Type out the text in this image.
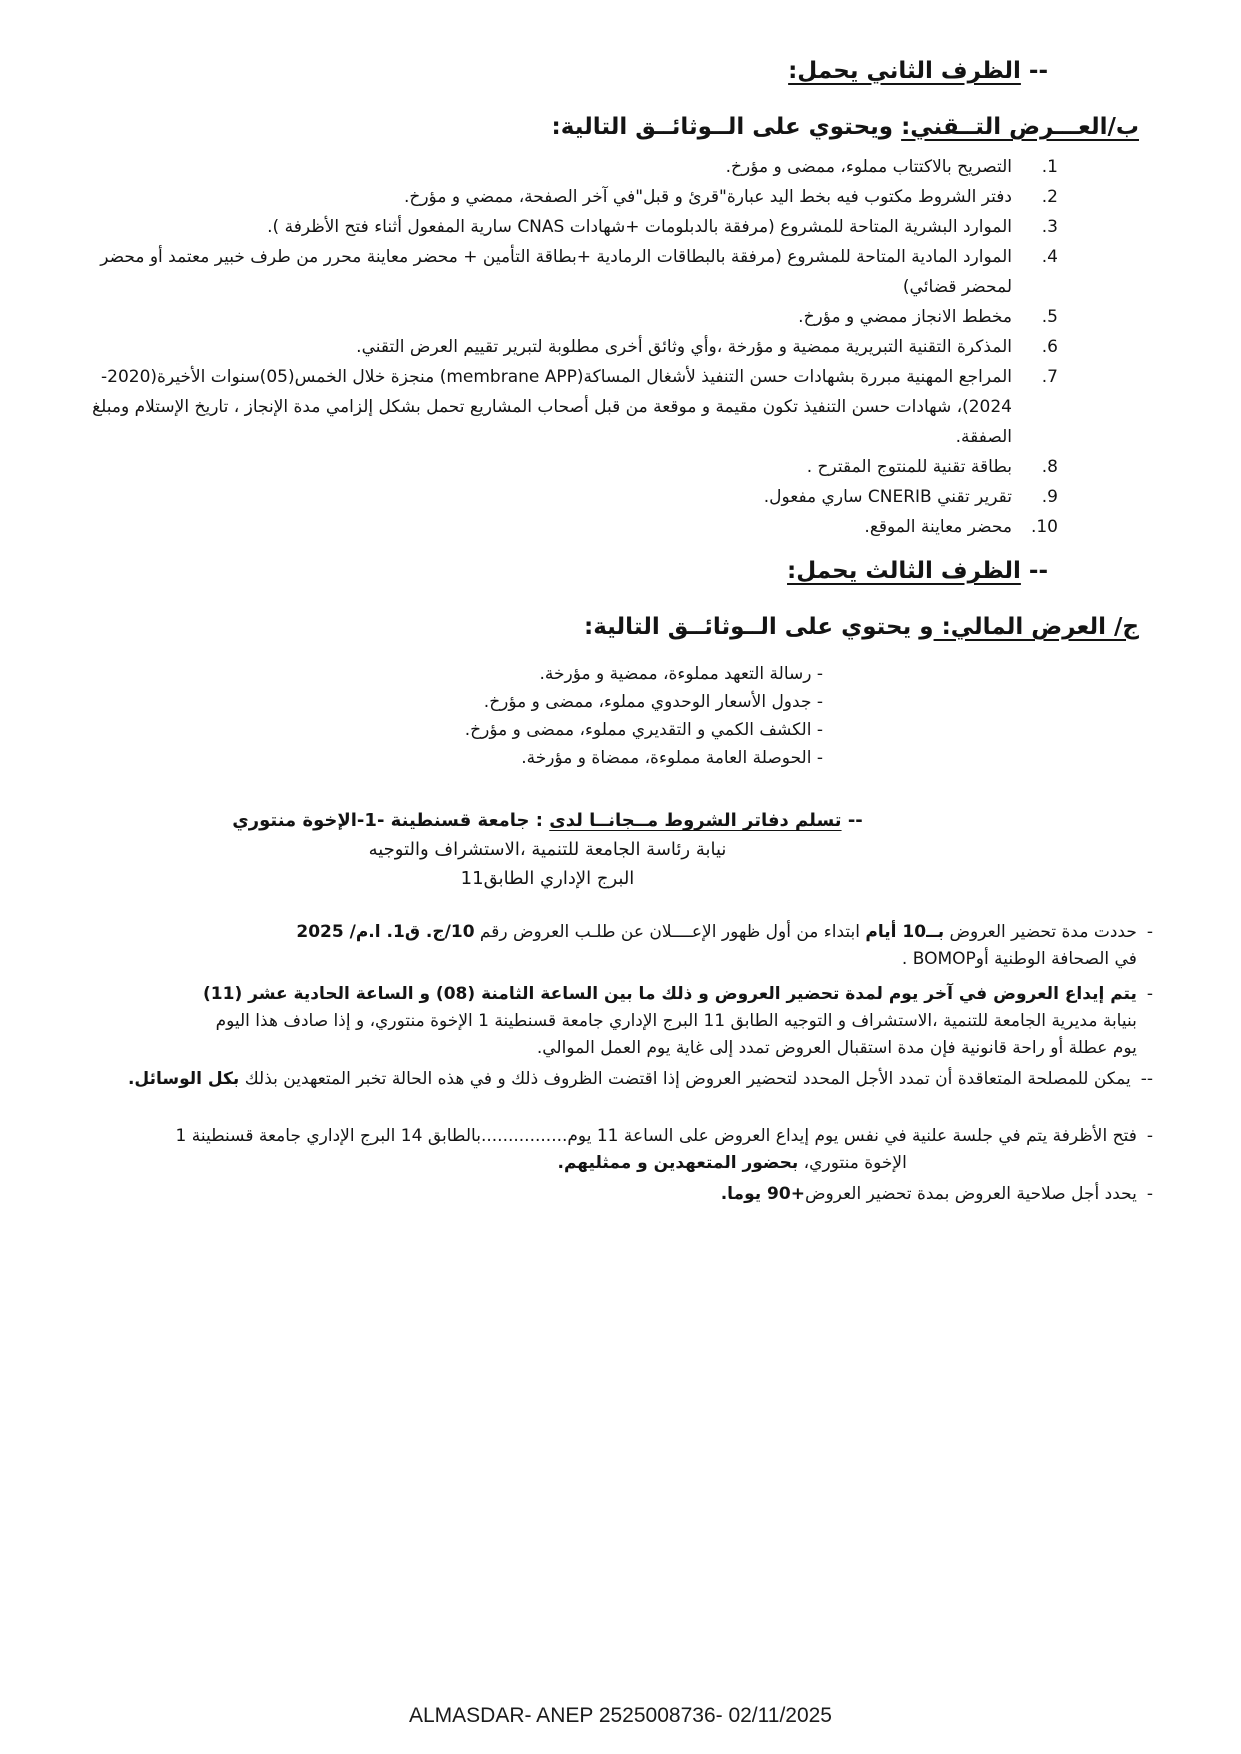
-- الظرف الثاني يحمل:
ب/العـــرض التــقني: ويحتوي على الــوثائــق التالية:
1.
التصريح بالاكتتاب مملوء، ممضى و مؤرخ.
2.
دفتر الشروط مكتوب فيه بخط اليد عبارة"قرئ و قبل"في آخر الصفحة، ممضي و مؤرخ.
3.
الموارد البشرية المتاحة للمشروع (مرفقة بالدبلومات +شهادات CNAS سارية المفعول أثناء فتح الأظرفة ).
4.
الموارد المادية المتاحة للمشروع (مرفقة بالبطاقات الرمادية +بطاقة التأمين + محضر معاينة محرر من طرف خبير معتمد أو محضر لمحضر قضائي)
5.
مخطط الانجاز ممضي و مؤرخ.
6.
المذكرة التقنية التبريرية ممضية و مؤرخة ،وأي وثائق أخرى مطلوبة لتبرير تقييم العرض التقني.
7.
المراجع المهنية مبررة بشهادات حسن التنفيذ لأشغال المساكة(membrane APP) منجزة خلال الخمس(05)سنوات الأخيرة(2020-2024)، شهادات حسن التنفيذ تكون مقيمة و موقعة من قبل أصحاب المشاريع تحمل بشكل إلزامي مدة الإنجاز ، تاريخ الإستلام ومبلغ الصفقة.
8.
بطاقة تقنية للمنتوج المقترح .
9.
تقرير تقني CNERIB ساري مفعول.
10.
محضر معاينة الموقع.
-- الظرف الثالث يحمل:
ج/ العرض المالي: و يحتوي على الــوثائــق التالية:
- رسالة التعهد مملوءة، ممضية و مؤرخة.
- جدول الأسعار الوحدوي مملوء، ممضى و مؤرخ.
- الكشف الكمي و التقديري مملوء، ممضى و مؤرخ.
- الحوصلة العامة مملوءة، ممضاة و مؤرخة.
-- تسلم دفاتر الشروط مــجانــا لدى : جامعة قسنطينة -1-الإخوة منتوري
نيابة رئاسة الجامعة للتنمية ،الاستشراف والتوجيه
البرج الإداري الطابق11
-
حددت مدة تحضير العروض بــ10 أيام ابتداء من أول ظهور الإعــــلان عن طلـب العروض رقم 10/ج. ق1. ا.م/ 2025
في الصحافة الوطنية أوBOMOP .
-
يتم إيداع العروض في آخر يوم لمدة تحضير العروض و ذلك ما بين الساعة الثامنة (08) و الساعة الحادية عشر (11)
بنيابة مديرية الجامعة للتنمية ،الاستشراف و التوجيه الطابق 11 البرج الإداري جامعة قسنطينة 1 الإخوة منتوري، و إذا صادف هذا اليوم
يوم عطلة أو راحة قانونية فإن مدة استقبال العروض تمدد إلى غاية يوم العمل الموالي.
--
يمكن للمصلحة المتعاقدة أن تمدد الأجل المحدد لتحضير العروض إذا اقتضت الظروف ذلك و في هذه الحالة تخبر المتعهدين بذلك بكل الوسائل.
-
فتح الأظرفة يتم في جلسة علنية في نفس يوم إيداع العروض على الساعة 11 يوم................بالطابق 14 البرج الإداري جامعة قسنطينة 1
الإخوة منتوري، بحضور المتعهدين و ممثليهم.
-
يحدد أجل صلاحية العروض بمدة تحضير العروض+90 يوما.
ALMASDAR- ANEP 2525008736- 02/11/2025
